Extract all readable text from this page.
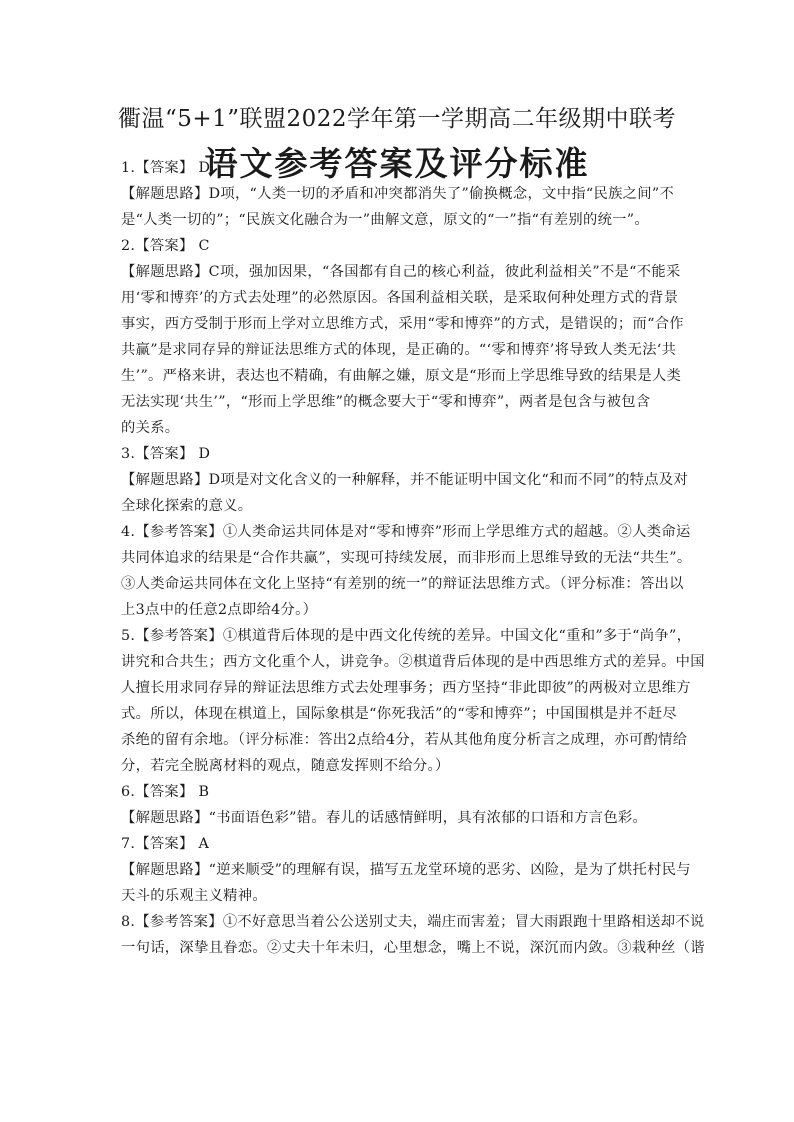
衢温“5+1”联盟2022学年第一学期高二年级期中联考
语文参考答案及评分标准
1.【答案】 D
【解题思路】D项，“人类一切的矛盾和冲突都消失了”偷换概念，文中指“民族之间”不
是“人类一切的”；“民族文化融合为一”曲解文意，原文的“一”指“有差别的统一”。
2.【答案】 C
【解题思路】C项，强加因果，“各国都有自己的核心利益，彼此利益相关”不是“不能采
用‘零和博弈’的方式去处理”的必然原因。各国利益相关联，是采取何种处理方式的背景
事实，西方受制于形而上学对立思维方式，采用“零和博弈”的方式，是错误的；而“合作
共赢”是求同存异的辩证法思维方式的体现，是正确的。“‘零和博弈’将导致人类无法‘共
生’”。严格来讲，表达也不精确，有曲解之嫌，原文是“形而上学思维导致的结果是人类
无法实现‘共生’”，“形而上学思维”的概念要大于“零和博弈”，两者是包含与被包含
的关系。
3.【答案】 D
【解题思路】D项是对文化含义的一种解释，并不能证明中国文化“和而不同”的特点及对
全球化探索的意义。
4.【参考答案】①人类命运共同体是对“零和博弈”形而上学思维方式的超越。②人类命运
共同体追求的结果是“合作共赢”，实现可持续发展，而非形而上思维导致的无法“共生”。
③人类命运共同体在文化上坚持“有差别的统一”的辩证法思维方式。（评分标准：答出以
上3点中的任意2点即给4分。）
5.【参考答案】①棋道背后体现的是中西文化传统的差异。中国文化“重和”多于“尚争”，
讲究和合共生；西方文化重个人，讲竞争。②棋道背后体现的是中西思维方式的差异。中国
人擅长用求同存异的辩证法思维方式去处理事务；西方坚持“非此即彼”的两极对立思维方
式。所以，体现在棋道上，国际象棋是“你死我活”的“零和博弈”；中国围棋是并不赶尽
杀绝的留有余地。（评分标准：答出2点给4分，若从其他角度分析言之成理，亦可酌情给
分，若完全脱离材料的观点，随意发挥则不给分。）
6.【答案】 B
【解题思路】“书面语色彩”错。春儿的话感情鲜明，具有浓郁的口语和方言色彩。
7.【答案】 A
【解题思路】“逆来顺受”的理解有误，描写五龙堂环境的恶劣、凶险，是为了烘托村民与
天斗的乐观主义精神。
8.【参考答案】①不好意思当着公公送别丈夫，端庄而害羞；冒大雨跟跑十里路相送却不说
一句话，深挚且眷恋。②丈夫十年未归，心里想念，嘴上不说，深沉而内敛。③栽种丝（谐
